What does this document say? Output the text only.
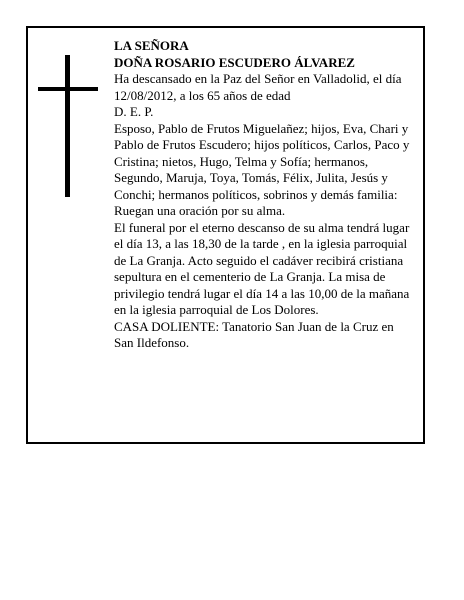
LA SEÑORA

DOÑA ROSARIO ESCUDERO ÁLVAREZ

Ha descansado en la Paz del Señor en Valladolid, el día 12/08/2012, a los 65 años de edad

D. E. P.

Esposo, Pablo de Frutos Miguelañez; hijos, Eva, Chari y Pablo de Frutos Escudero; hijos políticos, Carlos, Paco y Cristina; nietos, Hugo, Telma y Sofía; hermanos, Segundo, Maruja, Toya, Tomás, Félix, Julita, Jesús y Conchi; hermanos políticos, sobrinos y demás familia:

Ruegan una oración por su alma.

El funeral por el eterno descanso de su alma tendrá lugar el día 13, a las 18,30 de la tarde , en la iglesia parroquial de La Granja. Acto seguido el cadáver recibirá cristiana sepultura en el cementerio de La Granja. La misa de privilegio tendrá lugar el día 14 a las 10,00 de la mañana en la iglesia parroquial de Los Dolores.

CASA DOLIENTE: Tanatorio San Juan de la Cruz en San Ildefonso.
